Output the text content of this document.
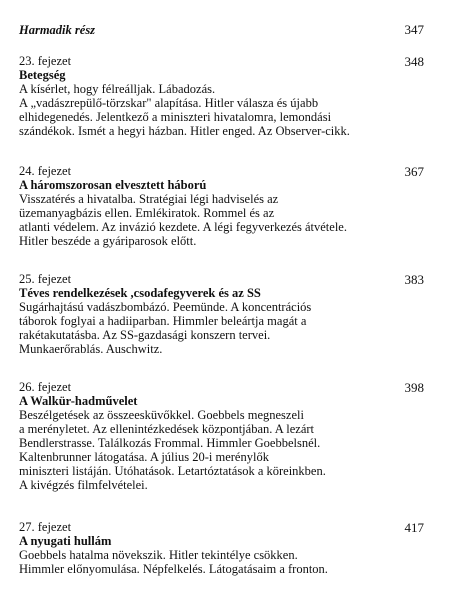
Harmadik rész	347
348
23. fejezet
Betegség
A kísérlet, hogy félreálljak. Lábadozás.
A „vadászrepülő-törzskar" alapítása. Hitler válasza és újabb
elhidegenedés. Jelentkező a miniszteri hivatalomra, lemondási
szándékok. Ismét a hegyi házban. Hitler enged. Az Observer-cikk.
367
24. fejezet
A háromszorosan elvesztett háború
Visszatérés a hivatalba. Stratégiai légi hadviselés az
üzemanyagbázis ellen. Emlékiratok. Rommel és az
atlanti védelem. Az invázió kezdete. A légi fegyverkezés átvétele.
Hitler beszéde a gyáriparosok előtt.
383
25. fejezet
Téves rendelkezések ,csodafegyverek és az SS
Sugárhajtású vadászbombázó. Peemünde. A koncentrációs
táborok foglyai a hadiiparban. Himmler beleártja magát a
rakétakutatásba. Az SS-gazdasági konszern tervei.
Munkaerőrablás. Auschwitz.
398
26. fejezet
A Walkür-hadművelet
Beszélgetések az összeesküvőkkel. Goebbels megneszeli
a merényletet. Az ellenintézkedések központjában. A lezárt
Bendlerstrasse. Találkozás Frommal. Himmler Goebbelsnél.
Kaltenbrunner látogatása. A július 20-i merénylők
miniszteri listáján. Utóhatások. Letartóztatások a köreinkben.
A kivégzés filmfelvételei.
417
27. fejezet
A nyugati hullám
Goebbels hatalma növekszik. Hitler tekintélye csökken.
Himmler előnyomulása. Népfelkelés. Látogatásaim a fronton.
